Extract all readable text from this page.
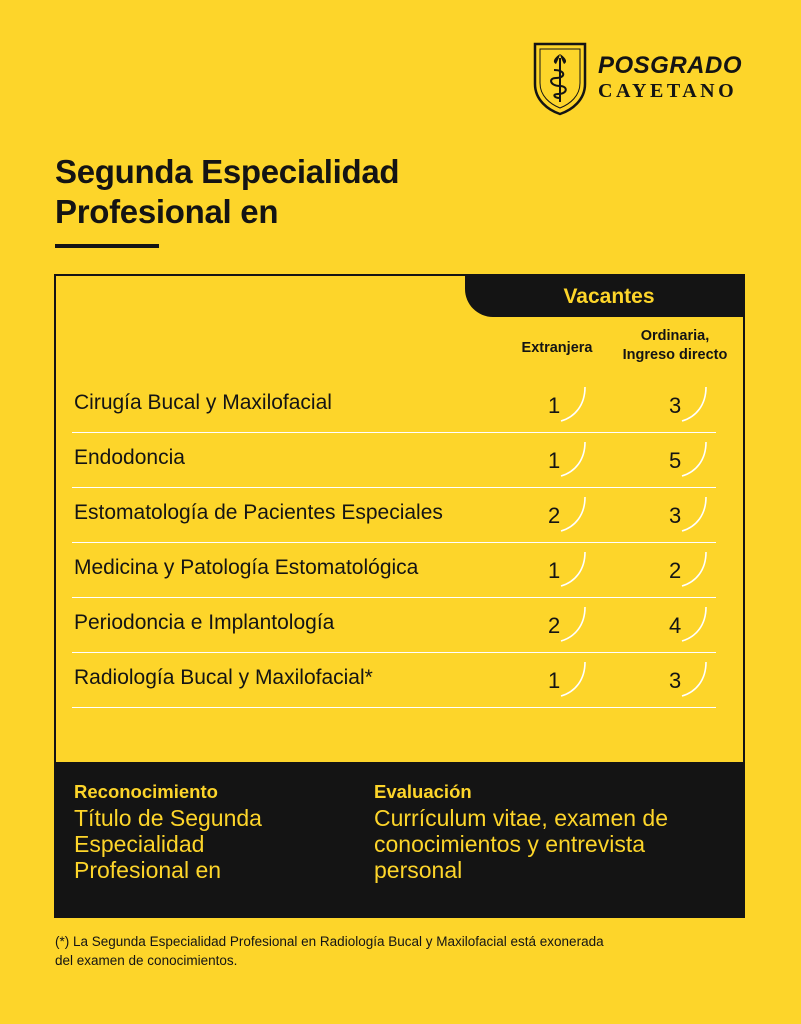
POSGRADO
CAYETANO
Segunda Especialidad
Profesional en
Vacantes
Extranjera
Ordinaria,
Ingreso directo
Cirugía Bucal y Maxilofacial	1	3
Endodoncia	1	5
Estomatología de Pacientes Especiales	2	3
Medicina y Patología Estomatológica	1	2
Periodoncia e Implantología	2	4
Radiología Bucal y Maxilofacial*	1	3
Reconocimiento
Título de Segunda
Especialidad
Profesional en
Evaluación
Currículum vitae, examen de
conocimientos y entrevista
personal
(*) La Segunda Especialidad Profesional en Radiología Bucal y Maxilofacial está exonerada
del examen de conocimientos.
